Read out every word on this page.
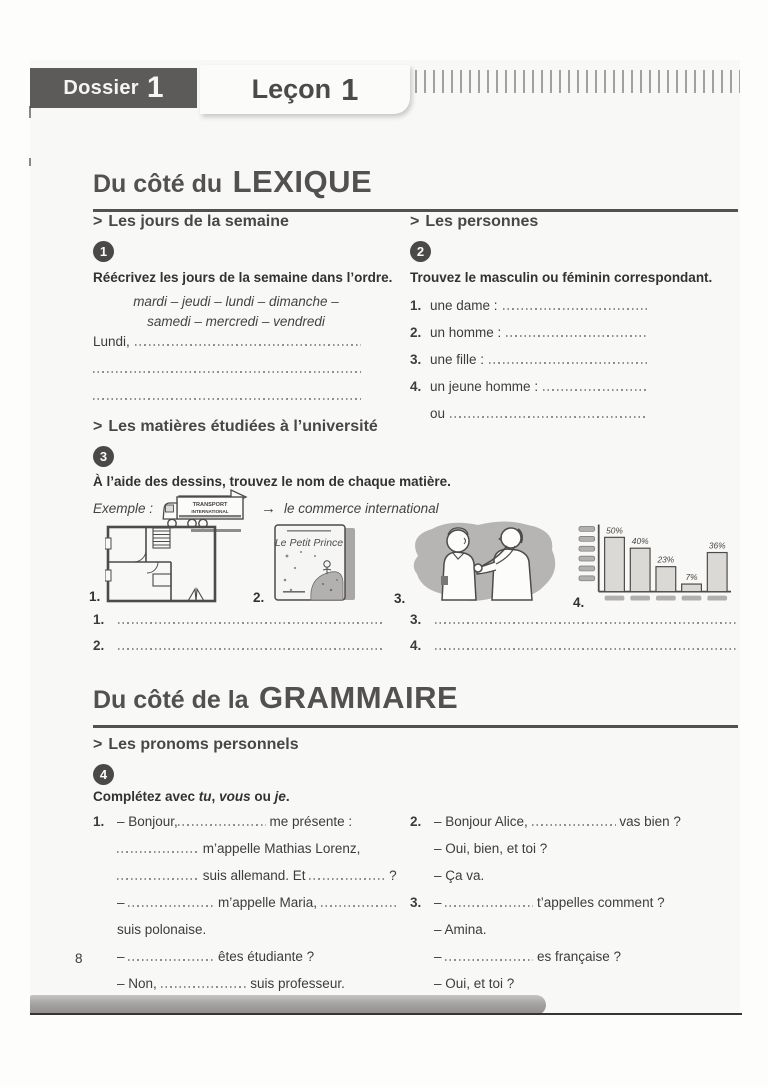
Dossier 1	Leçon 1
Du côté du LEXIQUE
> Les jours de la semaine
1
Réécrivez les jours de la semaine dans l’ordre.
mardi – jeudi – lundi – dimanche –
samedi – mercredi – vendredi
Lundi,
> Les personnes
2
Trouvez le masculin ou féminin correspondant.
1. une dame :
2. un homme :
3. une fille :
4. un jeune homme :
ou
> Les matières étudiées à l’université
3
À l’aide des dessins, trouvez le nom de chaque matière.
Exemple :	TRANSPORT
INTERNATIONAL → le commerce international
1.	2.
Le Petit Prince
3.	4.
50%
40%
23%
7%
36%
1.
2.
3.
4.
Du côté de la GRAMMAIRE
> Les pronoms personnels
4
Complétez avec tu, vous ou je.
1. – Bonjour,	me présente :
m’appelle Mathias Lorenz,
suis allemand. Et	?
–	m’appelle Maria,
suis polonaise.
–	êtes étudiante ?
– Non,	suis professeur.
2. – Bonjour Alice,	vas bien ?
– Oui, bien, et toi ?
– Ça va.
3. –	t’appelles comment ?
– Amina.
–	es française ?
– Oui, et toi ?
8
